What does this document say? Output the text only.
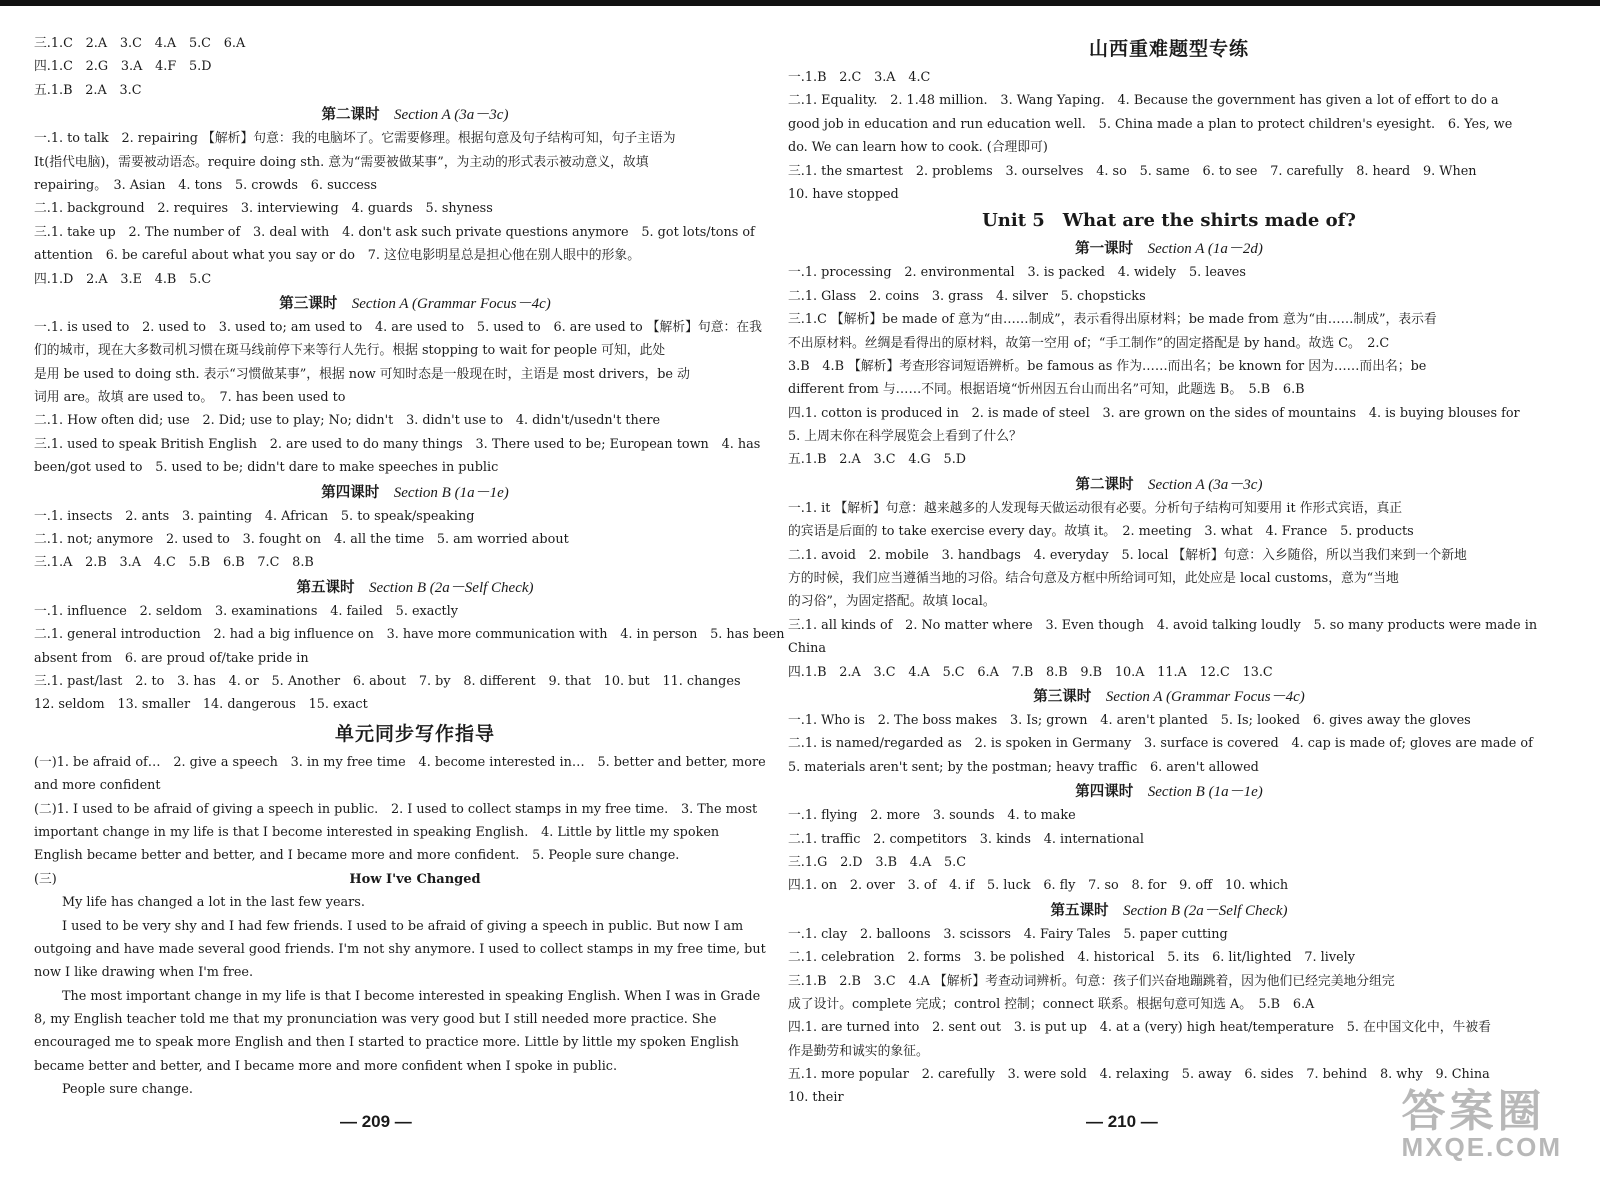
三.1.C　2.A　3.C　4.A　5.C　6.A
四.1.C　2.G　3.A　4.F　5.D
五.1.B　2.A　3.C
第二课时　 Section A (3a－3c)
一.1. to talk　2. repairing 【解析】句意：我的电脑坏了。它需要修理。根据句意及句子结构可知，句子主语为
It(指代电脑)，需要被动语态。require doing sth. 意为“需要被做某事”，为主动的形式表示被动意义，故填
repairing。　3. Asian　4. tons　5. crowds　6. success
二.1. background　2. requires　3. interviewing　4. guards　5. shyness
三.1. take up　2. The number of　3. deal with　4. don't ask such private questions anymore　5. got lots/tons of
attention　6. be careful about what you say or do　7. 这位电影明星总是担心他在别人眼中的形象。
四.1.D　2.A　3.E　4.B　5.C
第三课时　 Section A (Grammar Focus－4c)
一.1. is used to　2. used to　3. used to; am used to　4. are used to　5. used to　6. are used to 【解析】句意：在我
们的城市，现在大多数司机习惯在斑马线前停下来等行人先行。根据 stopping to wait for people 可知，此处
是用 be used to doing sth. 表示“习惯做某事”，根据 now 可知时态是一般现在时，主语是 most drivers，be 动
词用 are。故填 are used to。　7. has been used to
二.1. How often did; use　2. Did; use to play; No; didn't　3. didn't use to　4. didn't/usedn't there
三.1. used to speak British English　2. are used to do many things　3. There used to be; European town　4. has
been/got used to　5. used to be; didn't dare to make speeches in public
第四课时　 Section B (1a－1e)
一.1. insects　2. ants　3. painting　4. African　5. to speak/speaking
二.1. not; anymore　2. used to　3. fought on　4. all the time　5. am worried about
三.1.A　2.B　3.A　4.C　5.B　6.B　7.C　8.B
第五课时　 Section B (2a－Self Check)
一.1. influence　2. seldom　3. examinations　4. failed　5. exactly
二.1. general introduction　2. had a big influence on　3. have more communication with　4. in person　5. has been
absent from　6. are proud of/take pride in
三.1. past/last　2. to　3. has　4. or　5. Another　6. about　7. by　8. different　9. that　10. but　11. changes
12. seldom　13. smaller　14. dangerous　15. exact
单元同步写作指导
(一)1. be afraid of…　2. give a speech　3. in my free time　4. become interested in…　5. better and better, more
and more confident
(二)1. I used to be afraid of giving a speech in public.　2. I used to collect stamps in my free time.　3. The most
important change in my life is that I become interested in speaking English.　4. Little by little my spoken
English became better and better, and I became more and more confident.　5. People sure change.
(三)	How I've Changed
My life has changed a lot in the last few years.
I used to be very shy and I had few friends. I used to be afraid of giving a speech in public. But now I am
outgoing and have made several good friends. I'm not shy anymore. I used to collect stamps in my free time, but
now I like drawing when I'm free.
The most important change in my life is that I become interested in speaking English. When I was in Grade
8, my English teacher told me that my pronunciation was very good but I still needed more practice. She
encouraged me to speak more English and then I started to practice more. Little by little my spoken English
became better and better, and I became more and more confident when I spoke in public.
People sure change.
山西重难题型专练
一.1.B　2.C　3.A　4.C
二.1. Equality.　2. 1.48 million.　3. Wang Yaping.　4. Because the government has given a lot of effort to do a
good job in education and run education well.　5. China made a plan to protect children's eyesight.　6. Yes, we
do. We can learn how to cook. (合理即可)
三.1. the smartest　2. problems　3. ourselves　4. so　5. same　6. to see　7. carefully　8. heard　9. When
10. have stopped
Unit 5　What are the shirts made of?
第一课时　 Section A (1a－2d)
一.1. processing　2. environmental　3. is packed　4. widely　5. leaves
二.1. Glass　2. coins　3. grass　4. silver　5. chopsticks
三.1.C 【解析】be made of 意为“由……制成”，表示看得出原材料；be made from 意为“由……制成”，表示看
不出原材料。丝绸是看得出的原材料，故第一空用 of；“手工制作”的固定搭配是 by hand。故选 C。　2.C
3.B　4.B 【解析】考查形容词短语辨析。be famous as 作为……而出名；be known for 因为……而出名；be
different from 与……不同。根据语境“忻州因五台山而出名”可知，此题选 B。　5.B　6.B
四.1. cotton is produced in　2. is made of steel　3. are grown on the sides of mountains　4. is buying blouses for
5. 上周末你在科学展览会上看到了什么？
五.1.B　2.A　3.C　4.G　5.D
第二课时　 Section A (3a－3c)
一.1. it 【解析】句意：越来越多的人发现每天做运动很有必要。分析句子结构可知要用 it 作形式宾语，真正
的宾语是后面的 to take exercise every day。故填 it。　2. meeting　3. what　4. France　5. products
二.1. avoid　2. mobile　3. handbags　4. everyday　5. local 【解析】句意：入乡随俗，所以当我们来到一个新地
方的时候，我们应当遵循当地的习俗。结合句意及方框中所给词可知，此处应是 local customs，意为“当地
的习俗”，为固定搭配。故填 local。
三.1. all kinds of　2. No matter where　3. Even though　4. avoid talking loudly　5. so many products were made in
China
四.1.B　2.A　3.C　4.A　5.C　6.A　7.B　8.B　9.B　10.A　11.A　12.C　13.C
第三课时　 Section A (Grammar Focus－4c)
一.1. Who is　2. The boss makes　3. Is; grown　4. aren't planted　5. Is; looked　6. gives away the gloves
二.1. is named/regarded as　2. is spoken in Germany　3. surface is covered　4. cap is made of; gloves are made of
5. materials aren't sent; by the postman; heavy traffic　6. aren't allowed
第四课时　 Section B (1a－1e)
一.1. flying　2. more　3. sounds　4. to make
二.1. traffic　2. competitors　3. kinds　4. international
三.1.G　2.D　3.B　4.A　5.C
四.1. on　2. over　3. of　4. if　5. luck　6. fly　7. so　8. for　9. off　10. which
第五课时　 Section B (2a－Self Check)
一.1. clay　2. balloons　3. scissors　4. Fairy Tales　5. paper cutting
二.1. celebration　2. forms　3. be polished　4. historical　5. its　6. lit/lighted　7. lively
三.1.B　2.B　3.C　4.A 【解析】考查动词辨析。句意：孩子们兴奋地蹦跳着，因为他们已经完美地分组完
成了设计。complete 完成；control 控制；connect 联系。根据句意可知选 A。　5.B　6.A
四.1. are turned into　2. sent out　3. is put up　4. at a (very) high heat/temperature　5. 在中国文化中，牛被看
作是勤劳和诚实的象征。
五.1. more popular　2. carefully　3. were sold　4. relaxing　5. away　6. sides　7. behind　8. why　9. China
10. their
— 209 —	— 210 —	答案圈
MXQE.COM
